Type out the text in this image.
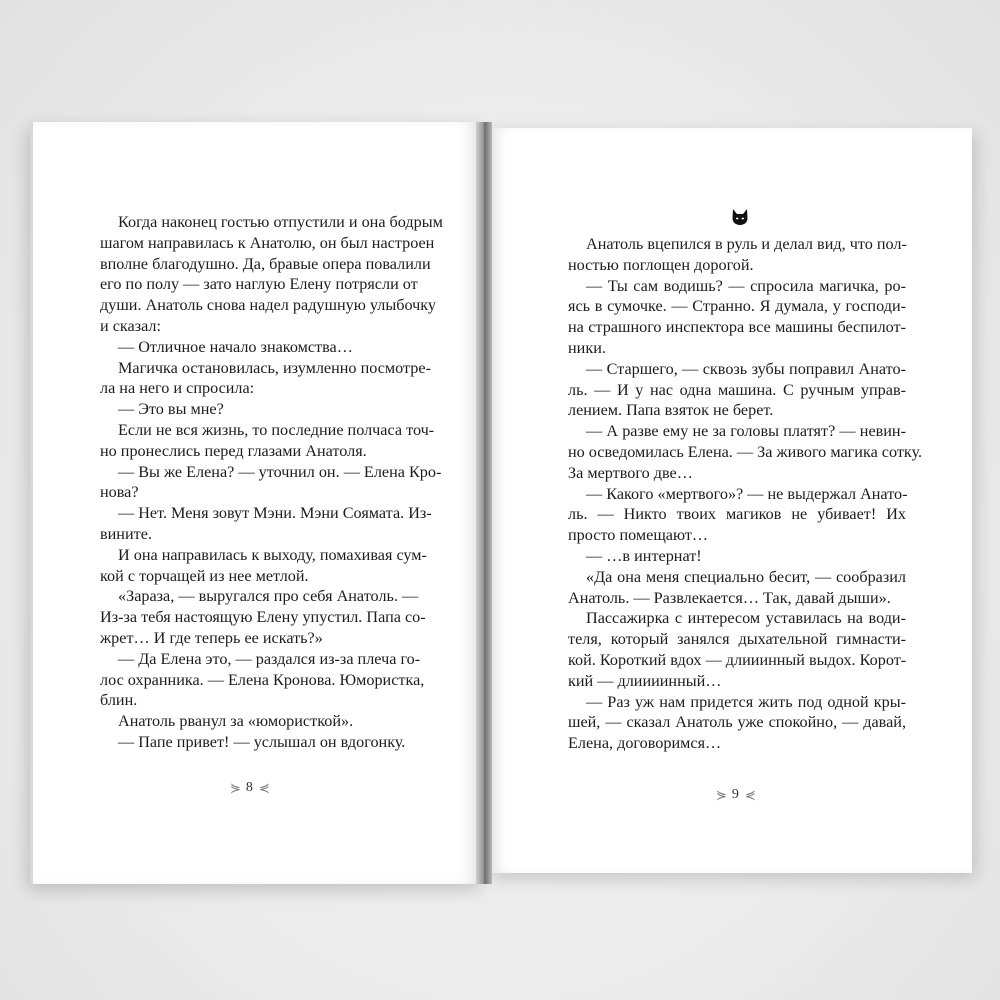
Когда наконец гостью отпустили и она бодрым
шагом направилась к Анатолю, он был настроен
вполне благодушно. Да, бравые опера повалили
его по полу — зато наглую Елену потрясли от
души. Анатоль снова надел радушную улыбочку
и сказал:
— Отличное начало знакомства…
Магичка остановилась, изумленно посмотре-
ла на него и спросила:
— Это вы мне?
Если не вся жизнь, то последние полчаса точ-
но пронеслись перед глазами Анатоля.
— Вы же Елена? — уточнил он. — Елена Кро-
нова?
— Нет. Меня зовут Мэни. Мэни Соямата. Из-
вините.
И она направилась к выходу, помахивая сум-
кой с торчащей из нее метлой.
«Зараза, — выругался про себя Анатоль. —
Из-за тебя настоящую Елену упустил. Папа со-
жрет… И где теперь ее искать?»
— Да Елена это, — раздался из-за плеча го-
лос охранника. — Елена Кронова. Юмористка,
блин.
Анатоль рванул за «юмористкой».
— Папе привет! — услышал он вдогонку.
Анатоль вцепился в руль и делал вид, что пол-
ностью поглощен дорогой.
— Ты сам водишь? — спросила магичка, ро-
ясь в сумочке. — Странно. Я думала, у господи-
на страшного инспектора все машины беспилот-
ники.
— Старшего, — сквозь зубы поправил Анато-
ль. — И у нас одна машина. С ручным управ-
лением. Папа взяток не берет.
— А разве ему не за головы платят? — невин-
но осведомилась Елена. — За живого магика сотку.
За мертвого две…
— Какого «мертвого»? — не выдержал Анато-
ль. — Никто твоих магиков не убивает! Их
просто помещают…
— …в интернат!
«Да она меня специально бесит, — сообразил
Анатоль. — Развлекается… Так, давай дыши».
Пассажирка с интересом уставилась на води-
теля, который занялся дыхательной гимнасти-
кой. Короткий вдох — длииинный выдох. Корот-
кий — длиииинный…
— Раз уж нам придется жить под одной кры-
шей, — сказал Анатоль уже спокойно, — давай,
Елена, договоримся…
⋟ 8 ⋞	⋟ 9 ⋞
